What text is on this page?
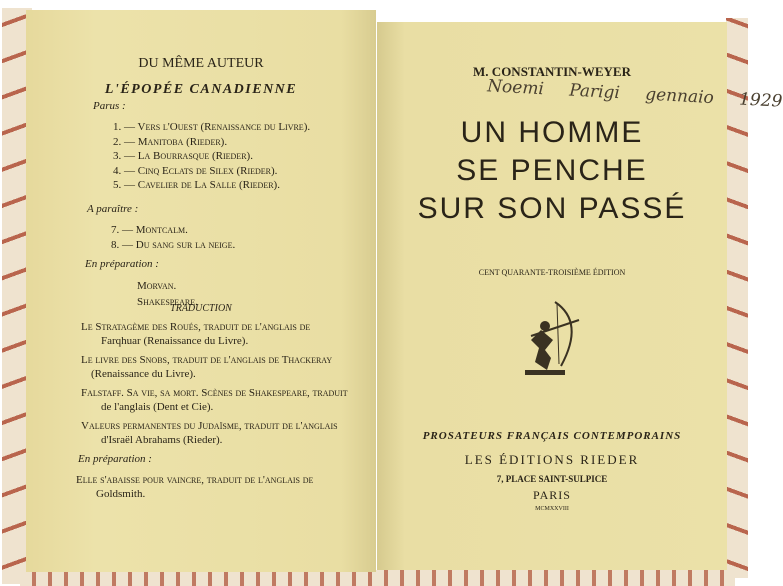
DU MÊME AUTEUR
L'ÉPOPÉE CANADIENNE
Parus :
1. — Vers l'Ouest (Renaissance du Livre).
2. — Manitoba (Rieder).
3. — La Bourrasque (Rieder).
4. — Cinq Eclats de Silex (Rieder).
5. — Cavelier de La Salle (Rieder).
A paraître :
7. — Montcalm.
8. — Du sang sur la neige.
En préparation :
Morvan.
Shakespeare.
TRADUCTION
Le Stratagème des Roués, traduit de l'anglais de
Farqhuar (Renaissance du Livre).
Le livre des Snobs, traduit de l'anglais de Thackeray
(Renaissance du Livre).
Falstaff. Sa vie, sa mort. Scènes de Shakespeare, traduit
de l'anglais (Dent et Cie).
Valeurs permanentes du Judaïsme, traduit de l'anglais
d'Israël Abrahams (Rieder).
En préparation :
Elle s'abaisse pour vaincre, traduit de l'anglais de
Goldsmith.
M. CONSTANTIN-WEYER
Noemi Parigi gennaio 1929
UN HOMME
SE PENCHE
SUR SON PASSÉ
CENT QUARANTE-TROISIÈME ÉDITION
PROSATEURS FRANÇAIS CONTEMPORAINS
LES ÉDITIONS RIEDER
7, PLACE SAINT-SULPICE
PARIS
MCMXXVIII
